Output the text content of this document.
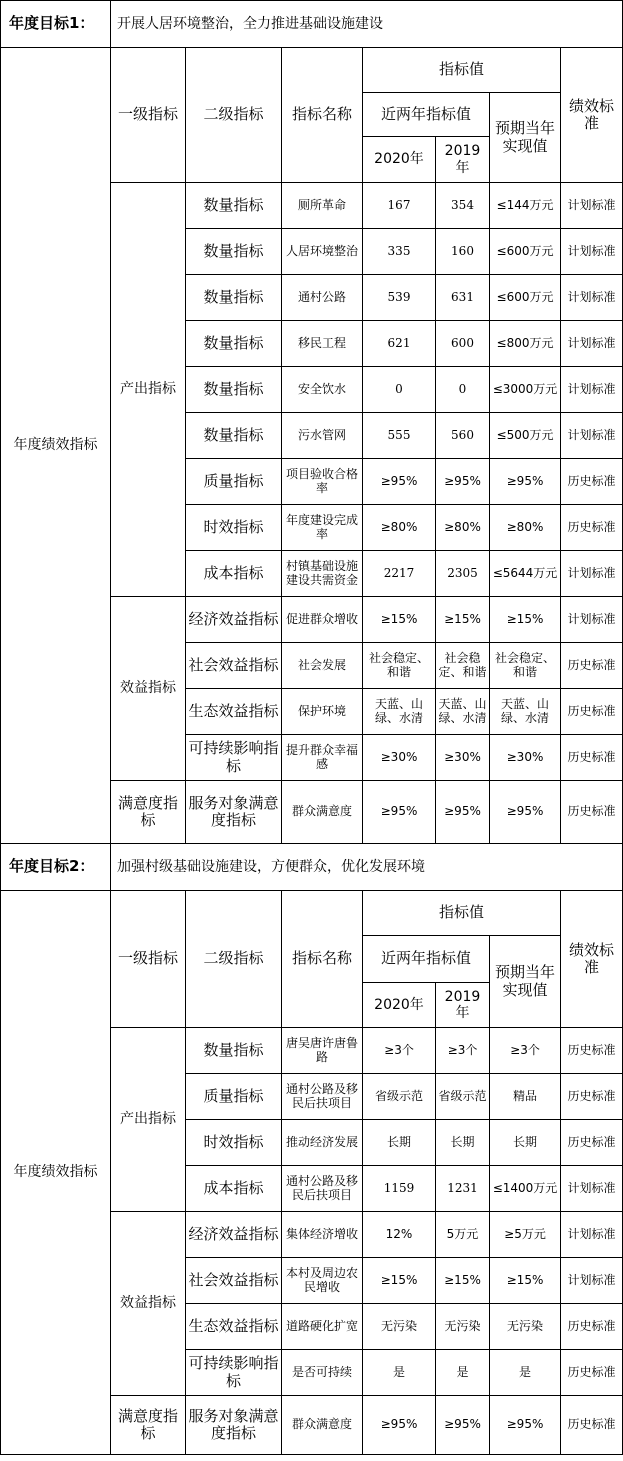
年度目标1：	开展人居环境整治，全力推进基础设施建设						
年度绩效指标	一级指标	二级指标	指标名称	指标值			绩效标准
				近两年指标值		预期当年实现值	
				2020年	2019年		
	产出指标	数量指标	厕所革命	167	354	≤144万元	计划标准
		数量指标	人居环境整治	335	160	≤600万元	计划标准
		数量指标	通村公路	539	631	≤600万元	计划标准
		数量指标	移民工程	621	600	≤800万元	计划标准
		数量指标	安全饮水	0	0	≤3000万元	计划标准
		数量指标	污水管网	555	560	≤500万元	计划标准
		质量指标	项目验收合格率	≥95%	≥95%	≥95%	历史标准
		时效指标	年度建设完成率	≥80%	≥80%	≥80%	历史标准
		成本指标	村镇基础设施建设共需资金	2217	2305	≤5644万元	计划标准
	效益指标	经济效益指标	促进群众增收	≥15%	≥15%	≥15%	计划标准
		社会效益指标	社会发展	社会稳定、和谐	社会稳定、和谐	社会稳定、和谐	历史标准
		生态效益指标	保护环境	天蓝、山绿、水清	天蓝、山绿、水清	天蓝、山绿、水清	历史标准
		可持续影响指标	提升群众幸福感	≥30%	≥30%	≥30%	历史标准
	满意度指标	服务对象满意度指标	群众满意度	≥95%	≥95%	≥95%	历史标准
年度目标2：	加强村级基础设施建设，方便群众，优化发展环境						
年度绩效指标	一级指标	二级指标	指标名称	指标值			绩效标准
				近两年指标值		预期当年实现值	
				2020年	2019年		
	产出指标	数量指标	唐吴唐许唐鲁路	≥3个	≥3个	≥3个	历史标准
		质量指标	通村公路及移民后扶项目	省级示范	省级示范	精品	历史标准
		时效指标	推动经济发展	长期	长期	长期	历史标准
		成本指标	通村公路及移民后扶项目	1159	1231	≤1400万元	计划标准
	效益指标	经济效益指标	集体经济增收	12%	5万元	≥5万元	计划标准
		社会效益指标	本村及周边农民增收	≥15%	≥15%	≥15%	计划标准
		生态效益指标	道路硬化扩宽	无污染	无污染	无污染	历史标准
		可持续影响指标	是否可持续	是	是	是	历史标准
	满意度指标	服务对象满意度指标	群众满意度	≥95%	≥95%	≥95%	历史标准
